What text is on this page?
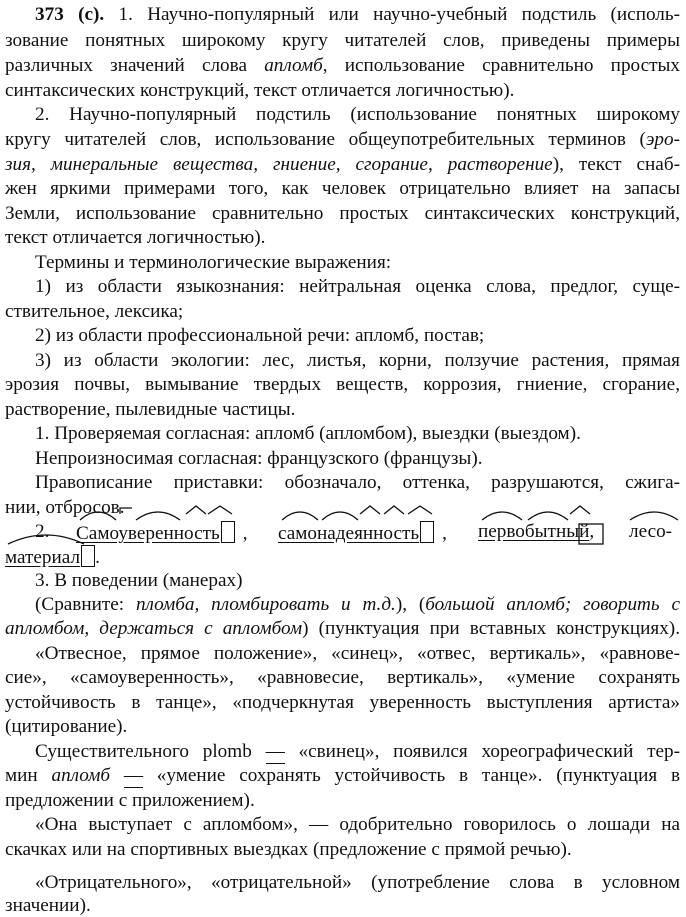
373 (с). 1. Научно-популярный или научно-учебный подстиль (исполь-
зование понятных широкому кругу читателей слов, приведены примеры
различных значений слова апломб, использование сравнительно простых
синтаксических конструкций, текст отличается логичностью).
2. Научно-популярный подстиль (использование понятных широкому
кругу читателей слов, использование общеупотребительных терминов (эро-
зия, минеральные вещества, гниение, сгорание, растворение), текст снаб-
жен яркими примерами того, как человек отрицательно влияет на запасы
Земли, использование сравнительно простых синтаксических конструкций,
текст отличается логичностью).
Термины и терминологические выражения:
1) из области языкознания: нейтральная оценка слова, предлог, суще-
ствительное, лексика;
2) из области профессиональной речи: апломб, постав;
3) из области экологии: лес, листья, корни, ползучие растения, прямая
эрозия почвы, вымывание твердых веществ, коррозия, гниение, сгорание,
растворение, пылевидные частицы.
1. Проверяемая согласная: апломб (апломбом), выездки (выездом).
Непроизносимая согласная: французского (французы).
Правописание приставки: обозначало, оттенка, разрушаются, сжига-
нии, отбросов.
2. Самоуверенность , самонадеянность , первобытный, лесо-
материал .
3. В поведении (манерах)
(Сравните: пломба, пломбировать и т.д.), (большой апломб; говорить с
апломбом, держаться с апломбом) (пунктуация при вставных конструкциях).
«Отвесное, прямое положение», «синец», «отвес, вертикаль», «равнове-
сие», «самоуверенность», «равновесие, вертикаль», «умение сохранять
устойчивость в танце», «подчеркнутая уверенность выступления артиста»
(цитирование).
Существительного plomb — «свинец», появился хореографический тер-
мин апломб — «умение сохранять устойчивость в танце». (пунктуация в
предложении с приложением).
«Она выступает с апломбом», — одобрительно говорилось о лошади на
скачках или на спортивных выездках (предложение с прямой речью).
«Отрицательного», «отрицательной» (употребление слова в условном
значении).
